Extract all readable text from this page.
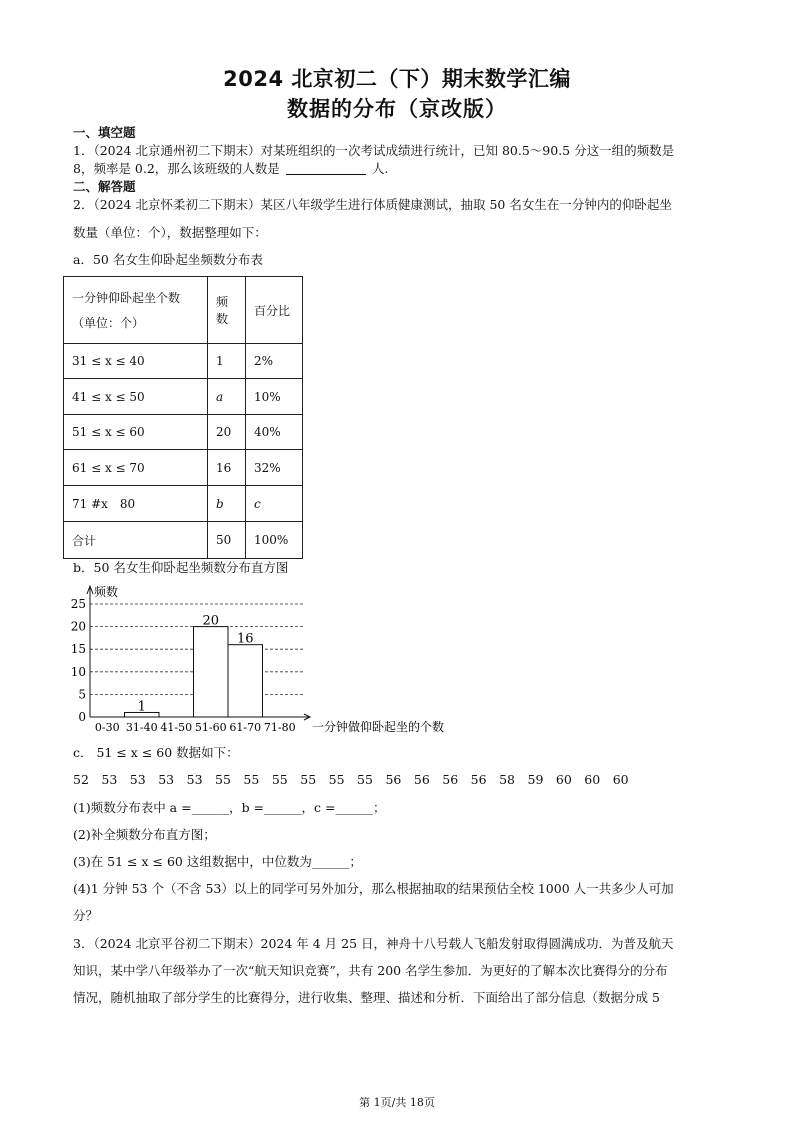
2024 北京初二（下）期末数学汇编
数据的分布（京改版）
一、填空题
1．（2024 北京通州初二下期末）对某班组织的一次考试成绩进行统计，已知 80.5～90.5 分这一组的频数是
8，频率是 0.2，那么该班级的人数是	人.
二、解答题
2．（2024 北京怀柔初二下期末）某区八年级学生进行体质健康测试，抽取 50 名女生在一分钟内的仰卧起坐
数量（单位：个），数据整理如下：
a．50 名女生仰卧起坐频数分布表
一分钟仰卧起坐个数
（单位：个）	频数	百分比
31 ≤ x ≤ 40	1	2%
41 ≤ x ≤ 50	a	10%
51 ≤ x ≤ 60	20	40%
61 ≤ x ≤ 70	16	32%
71 #x　80	b	c
合计	50	100%
b．50 名女生仰卧起坐频数分布直方图
0
5
10
15
20
25
频数
一分钟做仰卧起坐的个数
0-30
1
31-40 41-50
20
51-60
16
61-70 71-80
c． 51 ≤ x ≤ 60 数据如下：
52　53　53　53　53　55　55　55　55　55　55　56　56　56　56　58　59　60　60　60
(1)频数分布表中 a =______，b =______，c =______；
(2)补全频数分布直方图；
(3)在 51 ≤ x ≤ 60 这组数据中，中位数为______；
(4)1 分钟 53 个（不含 53）以上的同学可另外加分，那么根据抽取的结果预估全校 1000 人一共多少人可加
分？
3．（2024 北京平谷初二下期末）2024 年 4 月 25 日，神舟十八号载人飞船发射取得圆满成功．为普及航天
知识，某中学八年级举办了一次“航天知识竞赛”，共有 200 名学生参加．为更好的了解本次比赛得分的分布
情况，随机抽取了部分学生的比赛得分，进行收集、整理、描述和分析．下面给出了部分信息（数据分成 5
第 1页/共 18页
